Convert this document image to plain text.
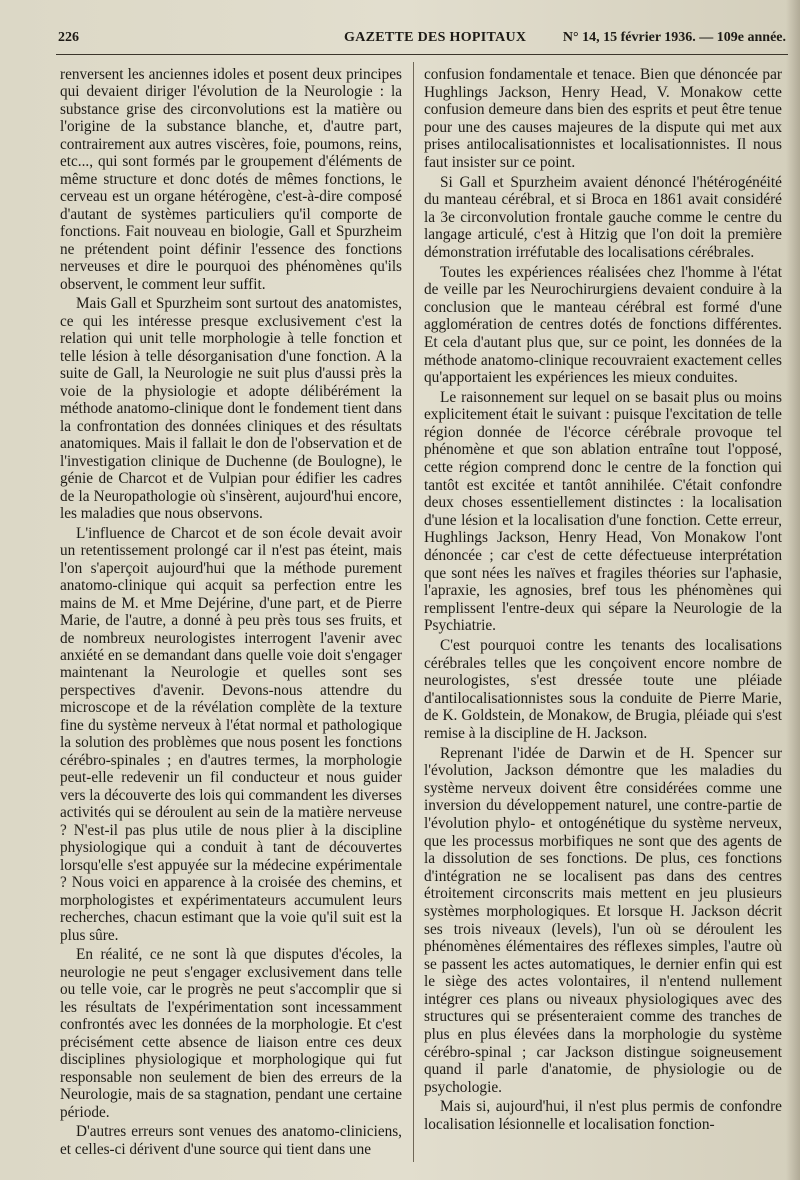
226	GAZETTE DES HOPITAUX	N° 14, 15 février 1936. — 109e année.

renversent les anciennes idoles et posent deux principes qui devaient diriger l'évolution de la Neurologie : la substance grise des circonvolutions est la matière ou l'origine de la substance blanche, et, d'autre part, contrairement aux autres viscères, foie, poumons, reins, etc..., qui sont formés par le groupement d'éléments de même structure et donc dotés de mêmes fonctions, le cerveau est un organe hétérogène, c'est-à-dire composé d'autant de systèmes particuliers qu'il comporte de fonctions. Fait nouveau en biologie, Gall et Spurzheim ne prétendent point définir l'essence des fonctions nerveuses et dire le pourquoi des phénomènes qu'ils observent, le comment leur suffit.

Mais Gall et Spurzheim sont surtout des anatomistes, ce qui les intéresse presque exclusivement c'est la relation qui unit telle morphologie à telle fonction et telle lésion à telle désorganisation d'une fonction. A la suite de Gall, la Neurologie ne suit plus d'aussi près la voie de la physiologie et adopte délibérément la méthode anatomo-clinique dont le fondement tient dans la confrontation des données cliniques et des résultats anatomiques. Mais il fallait le don de l'observation et de l'investigation clinique de Duchenne (de Boulogne), le génie de Charcot et de Vulpian pour édifier les cadres de la Neuropathologie où s'insèrent, aujourd'hui encore, les maladies que nous observons.

L'influence de Charcot et de son école devait avoir un retentissement prolongé car il n'est pas éteint, mais l'on s'aperçoit aujourd'hui que la méthode purement anatomo-clinique qui acquit sa perfection entre les mains de M. et Mme Dejérine, d'une part, et de Pierre Marie, de l'autre, a donné à peu près tous ses fruits, et de nombreux neurologistes interrogent l'avenir avec anxiété en se demandant dans quelle voie doit s'engager maintenant la Neurologie et quelles sont ses perspectives d'avenir. Devons-nous attendre du microscope et de la révélation complète de la texture fine du système nerveux à l'état normal et pathologique la solution des problèmes que nous posent les fonctions cérébro-spinales ; en d'autres termes, la morphologie peut-elle redevenir un fil conducteur et nous guider vers la découverte des lois qui commandent les diverses activités qui se déroulent au sein de la matière nerveuse ? N'est-il pas plus utile de nous plier à la discipline physiologique qui a conduit à tant de découvertes lorsqu'elle s'est appuyée sur la médecine expérimentale ? Nous voici en apparence à la croisée des chemins, et morphologistes et expérimentateurs accumulent leurs recherches, chacun estimant que la voie qu'il suit est la plus sûre.

En réalité, ce ne sont là que disputes d'écoles, la neurologie ne peut s'engager exclusivement dans telle ou telle voie, car le progrès ne peut s'accomplir que si les résultats de l'expérimentation sont incessamment confrontés avec les données de la morphologie. Et c'est précisément cette absence de liaison entre ces deux disciplines physiologique et morphologique qui fut responsable non seulement de bien des erreurs de la Neurologie, mais de sa stagnation, pendant une certaine période.

D'autres erreurs sont venues des anatomo-cliniciens, et celles-ci dérivent d'une source qui tient dans une

confusion fondamentale et tenace. Bien que dénoncée par Hughlings Jackson, Henry Head, V. Monakow cette confusion demeure dans bien des esprits et peut être tenue pour une des causes majeures de la dispute qui met aux prises antilocalisationnistes et localisationnistes. Il nous faut insister sur ce point.

Si Gall et Spurzheim avaient dénoncé l'hétérogénéité du manteau cérébral, et si Broca en 1861 avait considéré la 3e circonvolution frontale gauche comme le centre du langage articulé, c'est à Hitzig que l'on doit la première démonstration irréfutable des localisations cérébrales.

Toutes les expériences réalisées chez l'homme à l'état de veille par les Neurochirurgiens devaient conduire à la conclusion que le manteau cérébral est formé d'une agglomération de centres dotés de fonctions différentes. Et cela d'autant plus que, sur ce point, les données de la méthode anatomo-clinique recouvraient exactement celles qu'apportaient les expériences les mieux conduites.

Le raisonnement sur lequel on se basait plus ou moins explicitement était le suivant : puisque l'excitation de telle région donnée de l'écorce cérébrale provoque tel phénomène et que son ablation entraîne tout l'opposé, cette région comprend donc le centre de la fonction qui tantôt est excitée et tantôt annihilée. C'était confondre deux choses essentiellement distinctes : la localisation d'une lésion et la localisation d'une fonction. Cette erreur, Hughlings Jackson, Henry Head, Von Monakow l'ont dénoncée ; car c'est de cette défectueuse interprétation que sont nées les naïves et fragiles théories sur l'aphasie, l'apraxie, les agnosies, bref tous les phénomènes qui remplissent l'entre-deux qui sépare la Neurologie de la Psychiatrie.

C'est pourquoi contre les tenants des localisations cérébrales telles que les conçoivent encore nombre de neurologistes, s'est dressée toute une pléiade d'antilocalisationnistes sous la conduite de Pierre Marie, de K. Goldstein, de Monakow, de Brugia, pléiade qui s'est remise à la discipline de H. Jackson.

Reprenant l'idée de Darwin et de H. Spencer sur l'évolution, Jackson démontre que les maladies du système nerveux doivent être considérées comme une inversion du développement naturel, une contre-partie de l'évolution phylo- et ontogénétique du système nerveux, que les processus morbifiques ne sont que des agents de la dissolution de ses fonctions. De plus, ces fonctions d'intégration ne se localisent pas dans des centres étroitement circonscrits mais mettent en jeu plusieurs systèmes morphologiques. Et lorsque H. Jackson décrit ses trois niveaux (levels), l'un où se déroulent les phénomènes élémentaires des réflexes simples, l'autre où se passent les actes automatiques, le dernier enfin qui est le siège des actes volontaires, il n'entend nullement intégrer ces plans ou niveaux physiologiques avec des structures qui se présenteraient comme des tranches de plus en plus élevées dans la morphologie du système cérébro-spinal ; car Jackson distingue soigneusement quand il parle d'anatomie, de physiologie ou de psychologie.

Mais si, aujourd'hui, il n'est plus permis de confondre localisation lésionnelle et localisation fonction-
